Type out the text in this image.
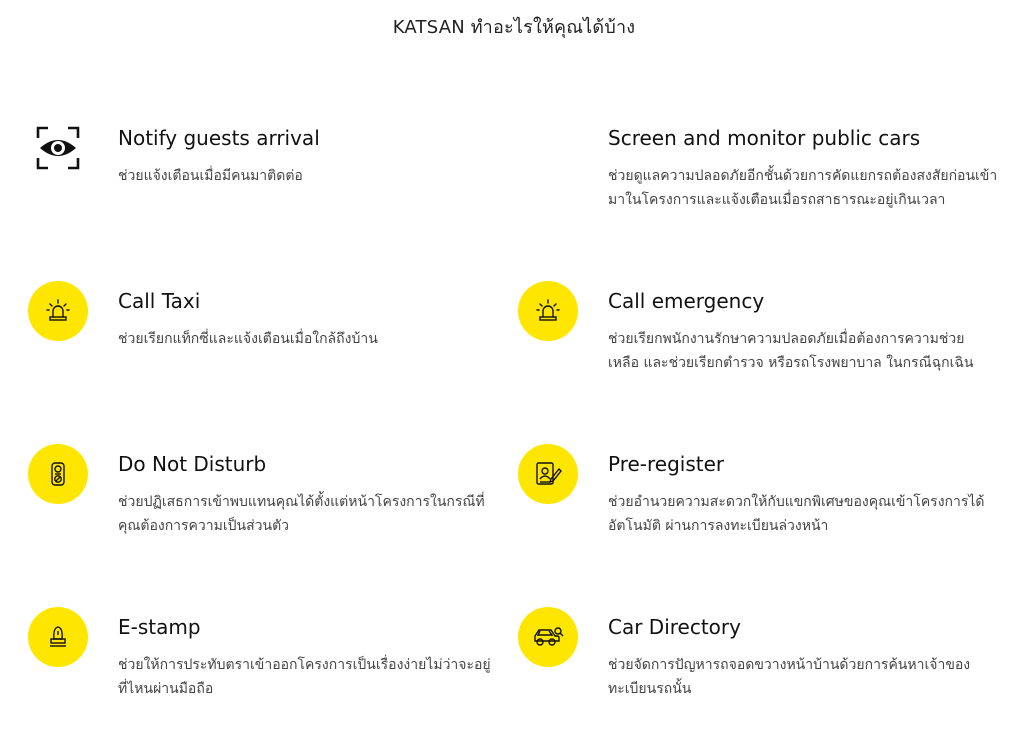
KATSAN ทำอะไรให้คุณได้บ้าง
Notify guests arrival
ช่วยแจ้งเตือนเมื่อมีคนมาติดต่อ
Screen and monitor public cars
ช่วยดูแลความปลอดภัยอีกชั้นด้วยการคัดแยกรถต้องสงสัยก่อนเข้ามาในโครงการและแจ้งเตือนเมื่อรถสาธารณะอยู่เกินเวลา
Call Taxi
ช่วยเรียกแท็กซี่และแจ้งเตือนเมื่อใกล้ถึงบ้าน
Call emergency
ช่วยเรียกพนักงานรักษาความปลอดภัยเมื่อต้องการความช่วยเหลือ และช่วยเรียกตำรวจ หรือรถโรงพยาบาล ในกรณีฉุกเฉิน
Do Not Disturb
ช่วยปฏิเสธการเข้าพบแทนคุณได้ตั้งแต่หน้าโครงการในกรณีที่คุณต้องการความเป็นส่วนตัว
Pre-register
ช่วยอำนวยความสะดวกให้กับแขกพิเศษของคุณเข้าโครงการได้อัตโนมัติ ผ่านการลงทะเบียนล่วงหน้า
E-stamp
ช่วยให้การประทับตราเข้าออกโครงการเป็นเรื่องง่ายไม่ว่าจะอยู่ที่ไหนผ่านมือถือ
Car Directory
ช่วยจัดการปัญหารถจอดขวางหน้าบ้านด้วยการค้นหาเจ้าของทะเบียนรถนั้น
